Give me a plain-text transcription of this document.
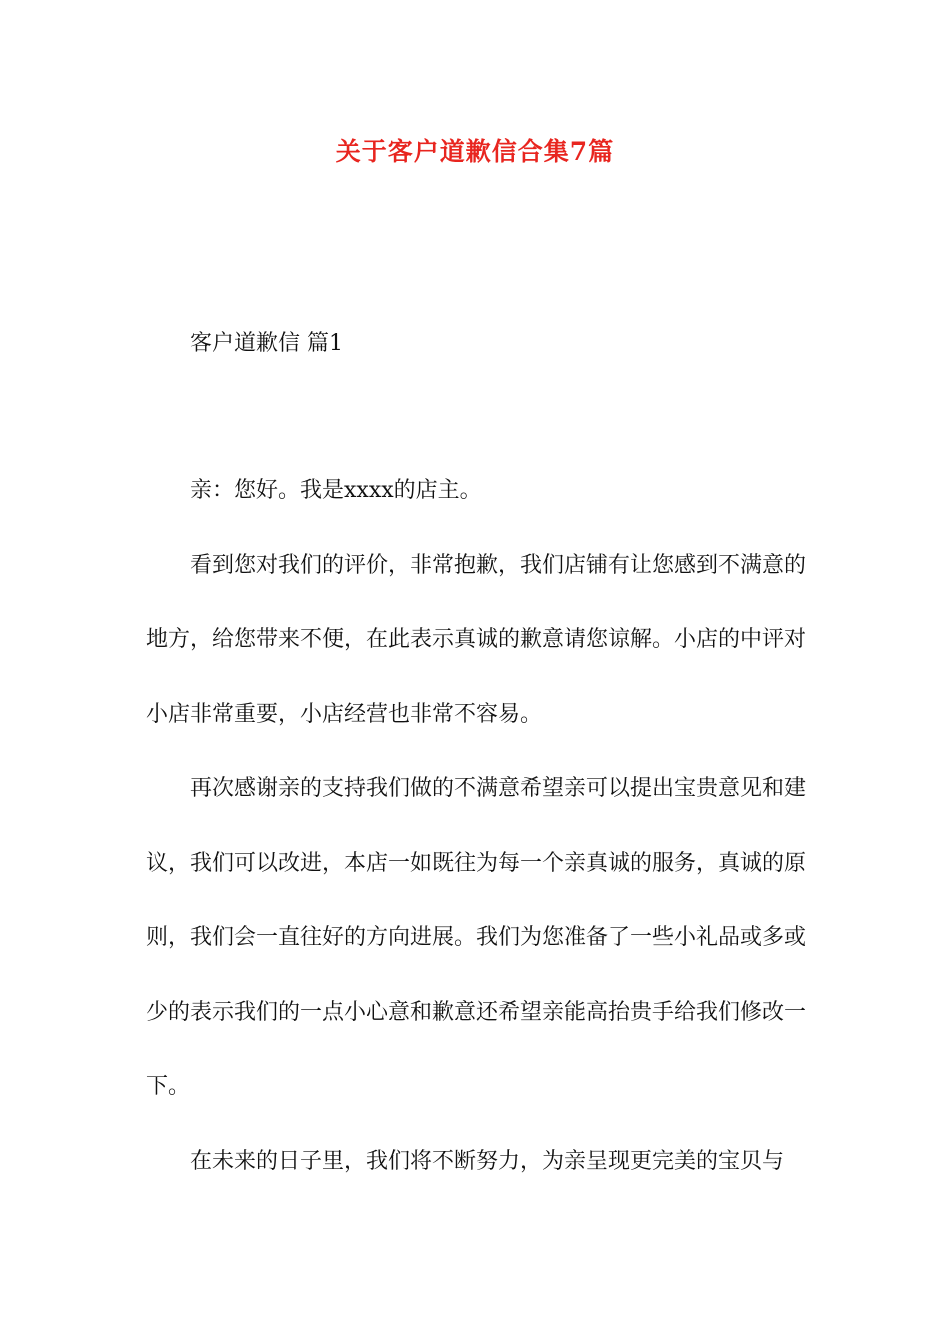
关于客户道歉信合集7篇
客户道歉信 篇1

亲：您好。我是xxxx的店主。

看到您对我们的评价，非常抱歉，我们店铺有让您感到不满意的地方，给您带来不便，在此表示真诚的歉意请您谅解。小店的中评对小店非常重要，小店经营也非常不容易。

再次感谢亲的支持我们做的不满意希望亲可以提出宝贵意见和建议，我们可以改进，本店一如既往为每一个亲真诚的服务，真诚的原则，我们会一直往好的方向进展。我们为您准备了一些小礼品或多或少的表示我们的一点小心意和歉意还希望亲能高抬贵手给我们修改一下。

在未来的日子里，我们将不断努力，为亲呈现更完美的宝贝与
